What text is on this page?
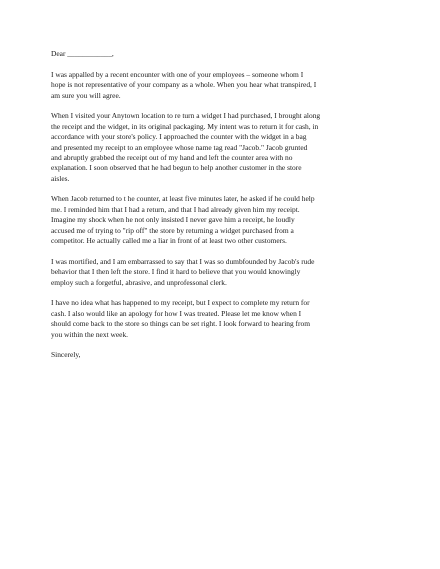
Dear ____________,
I was appalled by a recent encounter with one of your employees – someone whom I
hope is not representative of your company as a whole. When you hear what transpired, I
am sure you will agree.
When I visited your Anytown location to re turn a widget I had purchased, I brought along
the receipt and the widget, in its original packaging. My intent was to return it for cash, in
accordance with your store's policy. I approached the counter with the widget in a bag
and presented my receipt to an employee whose name tag read "Jacob." Jacob grunted
and abruptly grabbed the receipt out of my hand and left the counter area with no
explanation. I soon observed that he had begun to help another customer in the store
aisles.
When Jacob returned to t he counter, at least five minutes later, he asked if he could help
me. I reminded him that I had a return, and that I had already given him my receipt.
Imagine my shock when he not only insisted I never gave him a receipt, he loudly
accused me of trying to "rip off" the store by returning a widget purchased from a
competitor. He actually called me a liar in front of at least two other customers.
I was mortified, and I am embarrassed to say that I was so dumbfounded by Jacob's rude
behavior that I then left the store. I find it hard to believe that you would knowingly
employ such a forgetful, abrasive, and unprofessonal clerk.
I have no idea what has happened to my receipt, but I expect to complete my return for
cash. I also would like an apology for how I was treated. Please let me know when I
should come back to the store so things can be set right. I look forward to hearing from
you within the next week.
Sincerely,
